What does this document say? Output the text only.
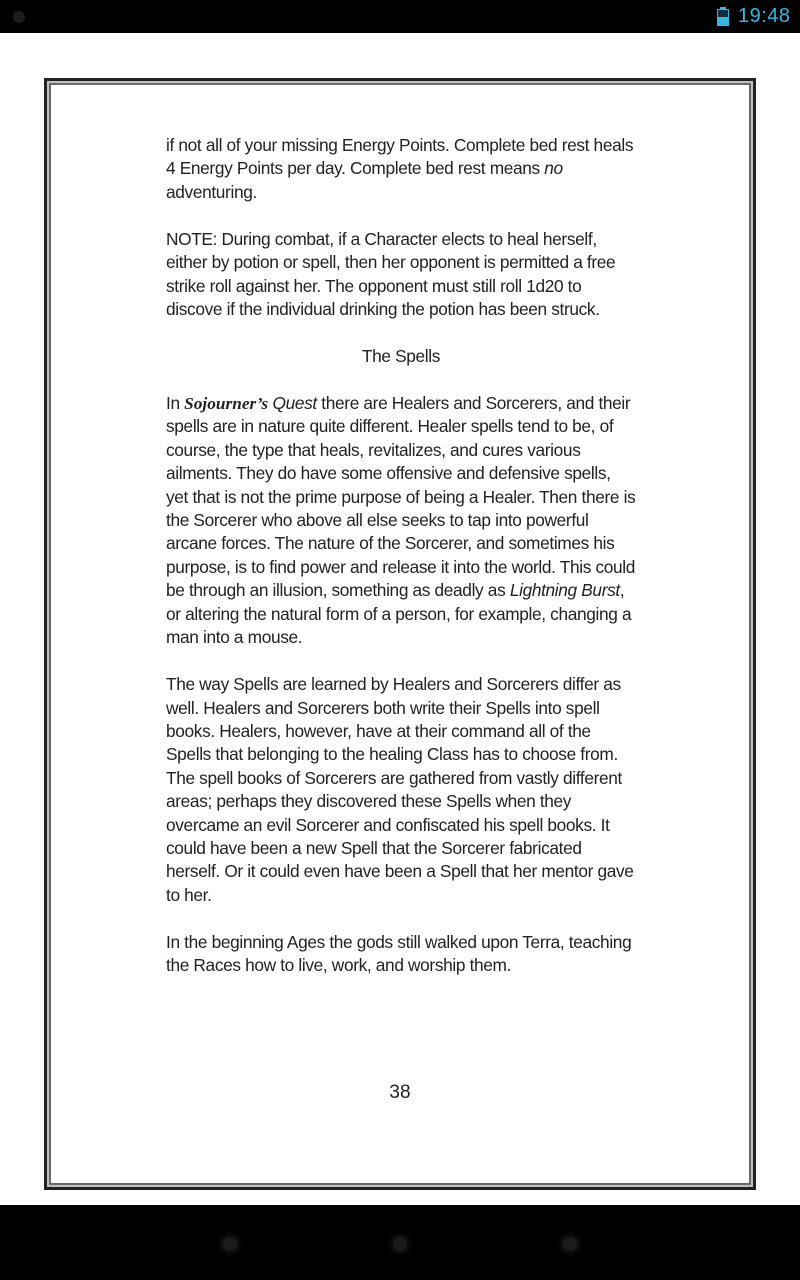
19:48

if not all of your missing Energy Points. Complete bed rest heals 4 Energy Points per day. Complete bed rest means no adventuring.

NOTE: During combat, if a Character elects to heal herself, either by potion or spell, then her opponent is permitted a free strike roll against her. The opponent must still roll 1d20 to discove if the individual drinking the potion has been struck.

The Spells

In Sojourner’s Quest there are Healers and Sorcerers, and their spells are in nature quite different. Healer spells tend to be, of course, the type that heals, revitalizes, and cures various ailments. They do have some offensive and defensive spells, yet that is not the prime purpose of being a Healer. Then there is the Sorcerer who above all else seeks to tap into powerful arcane forces. The nature of the Sorcerer, and sometimes his purpose, is to find power and release it into the world. This could be through an illusion, something as deadly as Lightning Burst, or altering the natural form of a person, for example, changing a man into a mouse.

The way Spells are learned by Healers and Sorcerers differ as well. Healers and Sorcerers both write their Spells into spell books. Healers, however, have at their command all of the Spells that belonging to the healing Class has to choose from. The spell books of Sorcerers are gathered from vastly different areas; perhaps they discovered these Spells when they overcame an evil Sorcerer and confiscated his spell books. It could have been a new Spell that the Sorcerer fabricated herself. Or it could even have been a Spell that her mentor gave to her.

In the beginning Ages the gods still walked upon Terra, teaching the Races how to live, work, and worship them.

38
